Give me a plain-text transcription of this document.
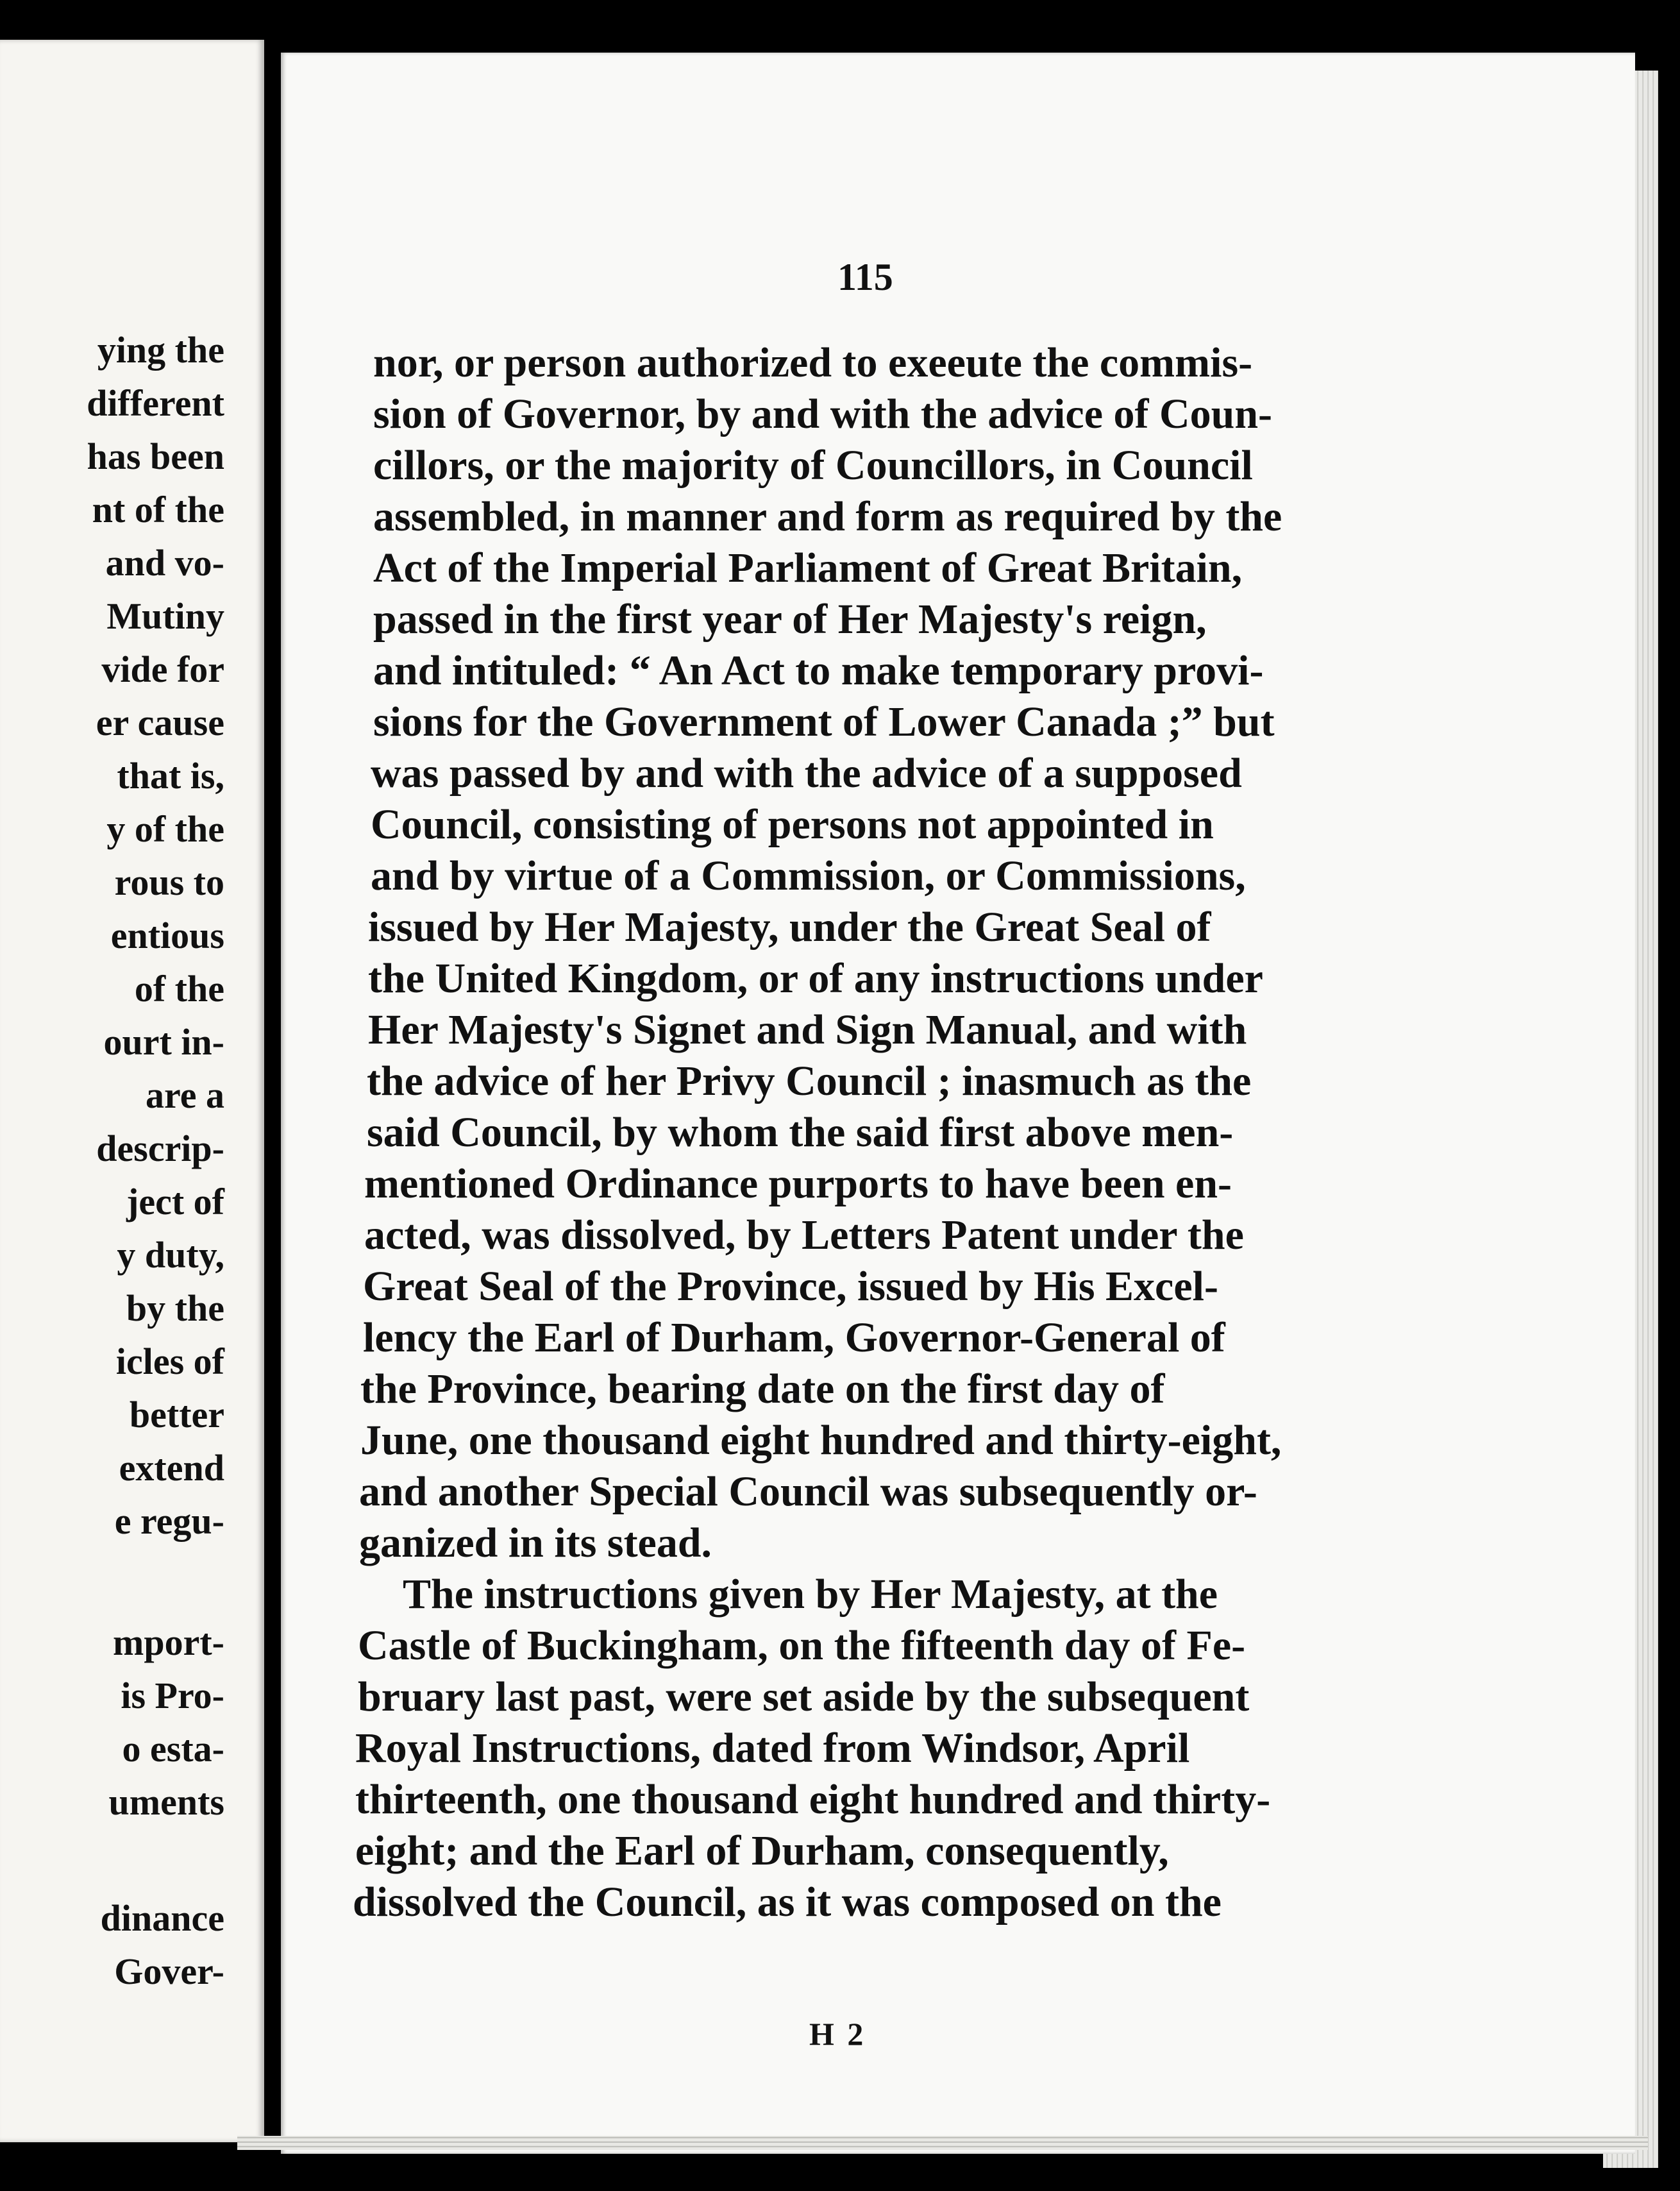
ying the
different
has been
nt of the
and vo-
Mutiny
vide for
er cause
that is,
y of the
rous to
entious
of the
ourt in-
are a
descrip-
ject of
y duty,
by the
icles of
better
extend
e regu-
mport-
is Pro-
o esta-
uments
dinance
Gover-
115
nor, or person authorized to exeeute the commis-
sion of Governor, by and with the advice of Coun-
cillors, or the majority of Councillors, in Council
assembled, in manner and form as required by the
Act of the Imperial Parliament of Great Britain,
passed in the first year of Her Majesty's reign,
and intituled: “ An Act to make temporary provi-
sions for the Government of Lower Canada ;” but
was passed by and with the advice of a supposed
Council, consisting of persons not appointed in
and by virtue of a Commission, or Commissions,
issued by Her Majesty, under the Great Seal of
the United Kingdom, or of any instructions under
Her Majesty's Signet and Sign Manual, and with
the advice of her Privy Council ; inasmuch as the
said Council, by whom the said first above men-
mentioned Ordinance purports to have been en-
acted, was dissolved, by Letters Patent under the
Great Seal of the Province, issued by His Excel-
lency the Earl of Durham, Governor-General of
the Province, bearing date on the first day of
June, one thousand eight hundred and thirty-eight,
and another Special Council was subsequently or-
ganized in its stead.
The instructions given by Her Majesty, at the
Castle of Buckingham, on the fifteenth day of Fe-
bruary last past, were set aside by the subsequent
Royal Instructions, dated from Windsor, April
thirteenth, one thousand eight hundred and thirty-
eight; and the Earl of Durham, consequently,
dissolved the Council, as it was composed on the
H 2
